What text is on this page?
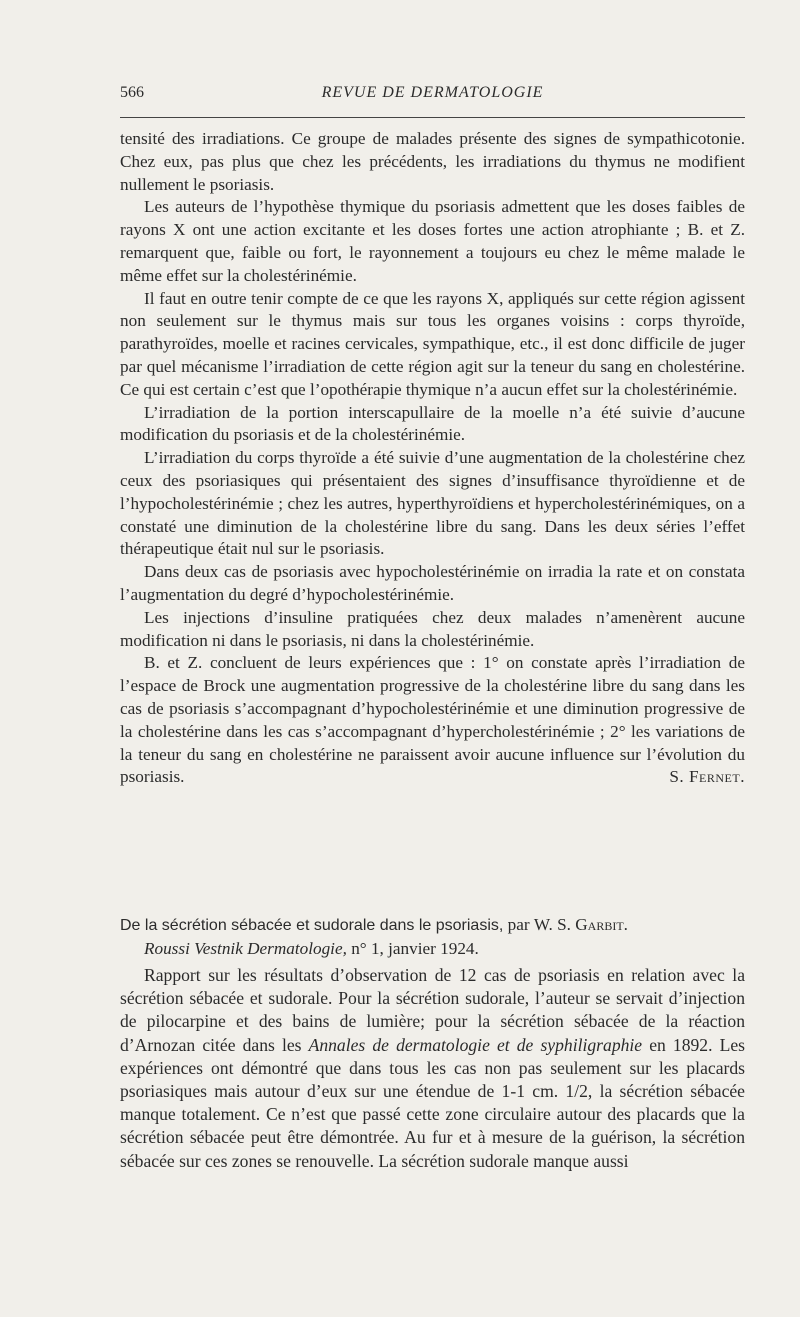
566	REVUE DE DERMATOLOGIE

tensité des irradiations. Ce groupe de malades présente des signes de sympathicotonie. Chez eux, pas plus que chez les précédents, les irradiations du thymus ne modifient nullement le psoriasis.

Les auteurs de l’hypothèse thymique du psoriasis admettent que les doses faibles de rayons X ont une action excitante et les doses fortes une action atrophiante ; B. et Z. remarquent que, faible ou fort, le rayonnement a toujours eu chez le même malade le même effet sur la cholestérinémie.

Il faut en outre tenir compte de ce que les rayons X, appliqués sur cette région agissent non seulement sur le thymus mais sur tous les organes voisins : corps thyroïde, parathyroïdes, moelle et racines cervicales, sympathique, etc., il est donc difficile de juger par quel mécanisme l’irradiation de cette région agit sur la teneur du sang en cholestérine. Ce qui est certain c’est que l’opothérapie thymique n’a aucun effet sur la cholestérinémie.

L’irradiation de la portion interscapullaire de la moelle n’a été suivie d’aucune modification du psoriasis et de la cholestérinémie.

L’irradiation du corps thyroïde a été suivie d’une augmentation de la cholestérine chez ceux des psoriasiques qui présentaient des signes d’insuffisance thyroïdienne et de l’hypocholestérinémie ; chez les autres, hyperthyroïdiens et hypercholestérinémiques, on a constaté une diminution de la cholestérine libre du sang. Dans les deux séries l’effet thérapeutique était nul sur le psoriasis.

Dans deux cas de psoriasis avec hypocholestérinémie on irradia la rate et on constata l’augmentation du degré d’hypocholestérinémie.

Les injections d’insuline pratiquées chez deux malades n’amenèrent aucune modification ni dans le psoriasis, ni dans la cholestérinémie.

B. et Z. concluent de leurs expériences que : 1° on constate après l’irradiation de l’espace de Brock une augmentation progressive de la cholestérine libre du sang dans les cas de psoriasis s’accompagnant d’hypocholestérinémie et une diminution progressive de la cholestérine dans les cas s’accompagnant d’hypercholestérinémie ; 2° les variations de la teneur du sang en cholestérine ne paraissent avoir aucune influence sur l’évolution du psoriasis.	S. Fernet.

De la sécrétion sébacée et sudorale dans le psoriasis, par W. S. Garbit.
Roussi Vestnik Dermatologie, n° 1, janvier 1924.

Rapport sur les résultats d’observation de 12 cas de psoriasis en relation avec la sécrétion sébacée et sudorale. Pour la sécrétion sudorale, l’auteur se servait d’injection de pilocarpine et des bains de lumière; pour la sécrétion sébacée de la réaction d’Arnozan citée dans les Annales de dermatologie et de syphiligraphie en 1892. Les expériences ont démontré que dans tous les cas non pas seulement sur les placards psoriasiques mais autour d’eux sur une étendue de 1-1 cm. 1/2, la sécrétion sébacée manque totalement. Ce n’est que passé cette zone circulaire autour des placards que la sécrétion sébacée peut être démontrée. Au fur et à mesure de la guérison, la sécrétion sébacée sur ces zones se renouvelle. La sécrétion sudorale manque aussi
